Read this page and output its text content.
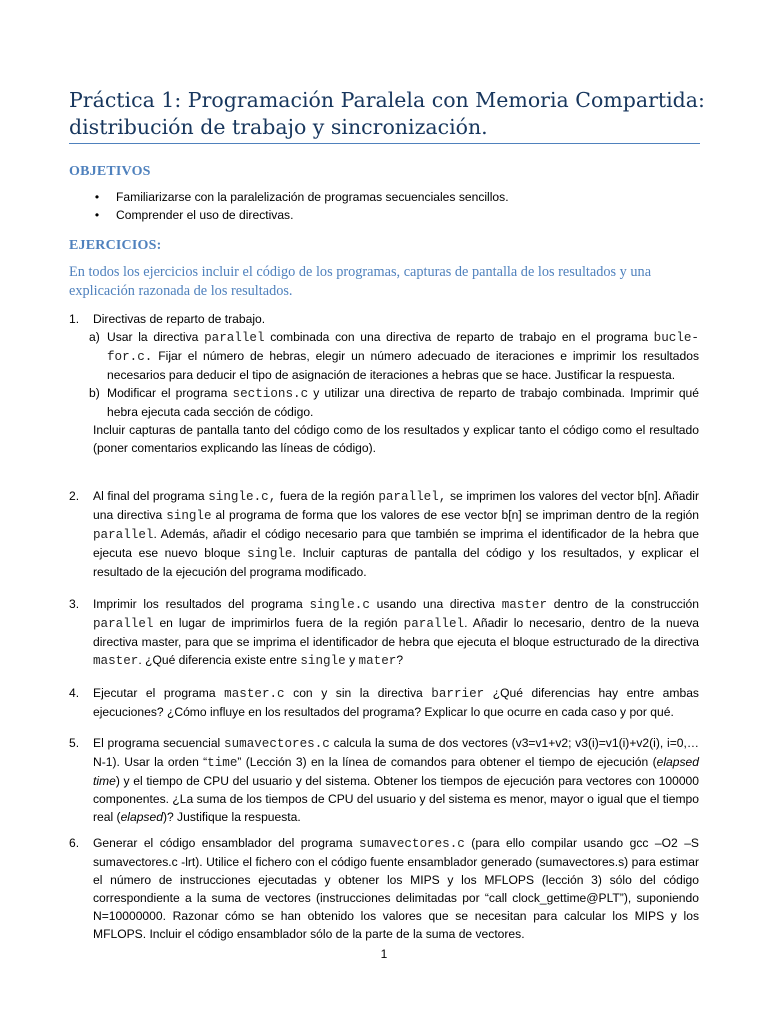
Práctica 1: Programación Paralela con Memoria Compartida:
distribución de trabajo y sincronización.
OBJETIVOS
•	Familiarizarse con la paralelización de programas secuenciales sencillos.
•	Comprender el uso de directivas.
EJERCICIOS:
En todos los ejercicios incluir el código de los programas, capturas de pantalla de los resultados y una explicación razonada de los resultados.
1. Directivas de reparto de trabajo.
a) Usar la directiva parallel combinada con una directiva de reparto de trabajo en el programa bucle-for.c. Fijar el número de hebras, elegir un número adecuado de iteraciones e imprimir los resultados necesarios para deducir el tipo de asignación de iteraciones a hebras que se hace. Justificar la respuesta.
b) Modificar el programa sections.c y utilizar una directiva de reparto de trabajo combinada. Imprimir qué hebra ejecuta cada sección de código.
Incluir capturas de pantalla tanto del código como de los resultados y explicar tanto el código como el resultado (poner comentarios explicando las líneas de código).
2. Al final del programa single.c, fuera de la región parallel, se imprimen los valores del vector b[n]. Añadir una directiva single al programa de forma que los valores de ese vector b[n] se impriman dentro de la región parallel. Además, añadir el código necesario para que también se imprima el identificador de la hebra que ejecuta ese nuevo bloque single. Incluir capturas de pantalla del código y los resultados, y explicar el resultado de la ejecución del programa modificado.
3. Imprimir los resultados del programa single.c usando una directiva master dentro de la construcción parallel en lugar de imprimirlos fuera de la región parallel. Añadir lo necesario, dentro de la nueva directiva master, para que se imprima el identificador de hebra que ejecuta el bloque estructurado de la directiva master. ¿Qué diferencia existe entre single y mater?
4. Ejecutar el programa master.c con y sin la directiva barrier ¿Qué diferencias hay entre ambas ejecuciones? ¿Cómo influye en los resultados del programa? Explicar lo que ocurre en cada caso y por qué.
5. El programa secuencial sumavectores.c calcula la suma de dos vectores (v3=v1+v2; v3(i)=v1(i)+v2(i), i=0,…N-1). Usar la orden “time” (Lección 3) en la línea de comandos para obtener el tiempo de ejecución (elapsed time) y el tiempo de CPU del usuario y del sistema. Obtener los tiempos de ejecución para vectores con 100000 componentes. ¿La suma de los tiempos de CPU del usuario y del sistema es menor, mayor o igual que el tiempo real (elapsed)? Justifique la respuesta.
6. Generar el código ensamblador del programa sumavectores.c (para ello compilar usando gcc –O2 –S sumavectores.c -lrt). Utilice el fichero con el código fuente ensamblador generado (sumavectores.s) para estimar el número de instrucciones ejecutadas y obtener los MIPS y los MFLOPS (lección 3) sólo del código correspondiente a la suma de vectores (instrucciones delimitadas por “call clock_gettime@PLT”), suponiendo N=10000000. Razonar cómo se han obtenido los valores que se necesitan para calcular los MIPS y los MFLOPS. Incluir el código ensamblador sólo de la parte de la suma de vectores.
1
